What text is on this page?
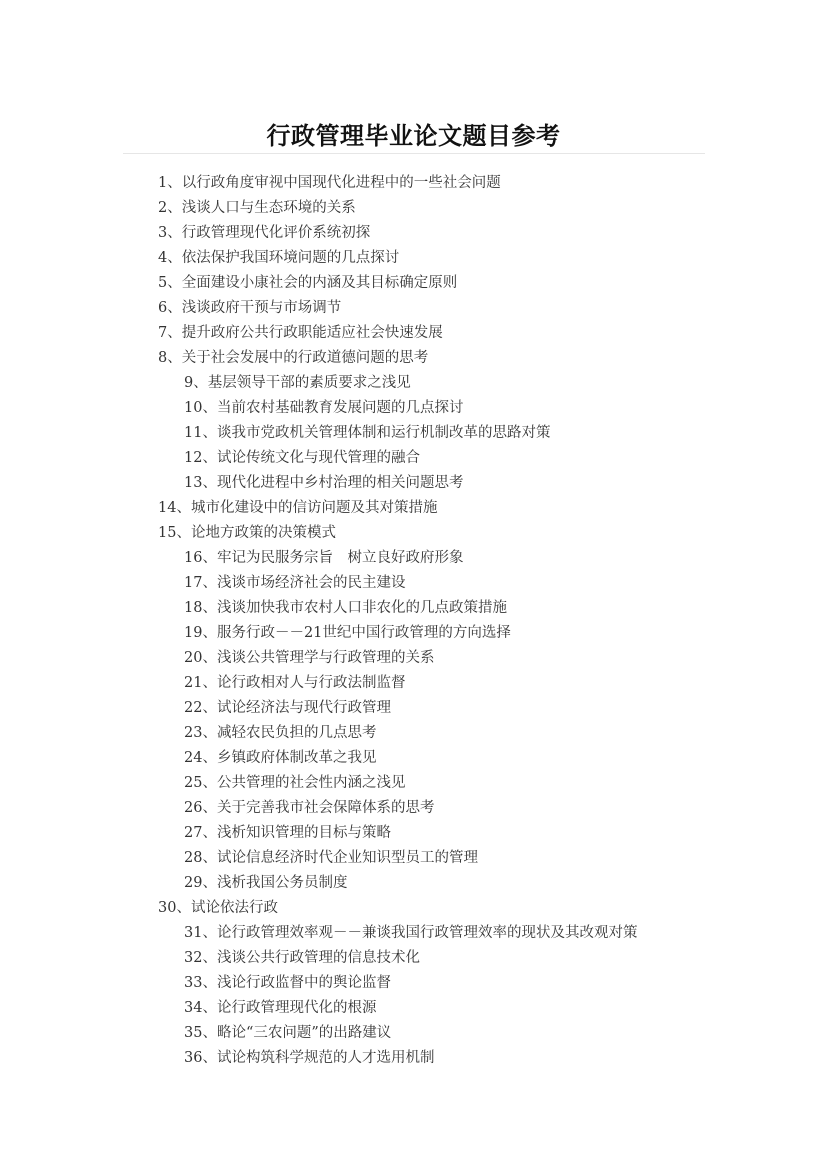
行政管理毕业论文题目参考
1、以行政角度审视中国现代化进程中的一些社会问题
2、浅谈人口与生态环境的关系
3、行政管理现代化评价系统初探
4、依法保护我国环境问题的几点探讨
5、全面建设小康社会的内涵及其目标确定原则
6、浅谈政府干预与市场调节
7、提升政府公共行政职能适应社会快速发展
8、关于社会发展中的行政道德问题的思考
9、基层领导干部的素质要求之浅见
10、当前农村基础教育发展问题的几点探讨
11、谈我市党政机关管理体制和运行机制改革的思路对策
12、试论传统文化与现代管理的融合
13、现代化进程中乡村治理的相关问题思考
14、城市化建设中的信访问题及其对策措施
15、论地方政策的决策模式
16、牢记为民服务宗旨　树立良好政府形象
17、浅谈市场经济社会的民主建设
18、浅谈加快我市农村人口非农化的几点政策措施
19、服务行政－－21世纪中国行政管理的方向选择
20、浅谈公共管理学与行政管理的关系
21、论行政相对人与行政法制监督
22、试论经济法与现代行政管理
23、减轻农民负担的几点思考
24、乡镇政府体制改革之我见
25、公共管理的社会性内涵之浅见
26、关于完善我市社会保障体系的思考
27、浅析知识管理的目标与策略
28、试论信息经济时代企业知识型员工的管理
29、浅析我国公务员制度
30、试论依法行政
31、论行政管理效率观－－兼谈我国行政管理效率的现状及其改观对策
32、浅谈公共行政管理的信息技术化
33、浅论行政监督中的舆论监督
34、论行政管理现代化的根源
35、略论“三农问题”的出路建议
36、试论构筑科学规范的人才选用机制
